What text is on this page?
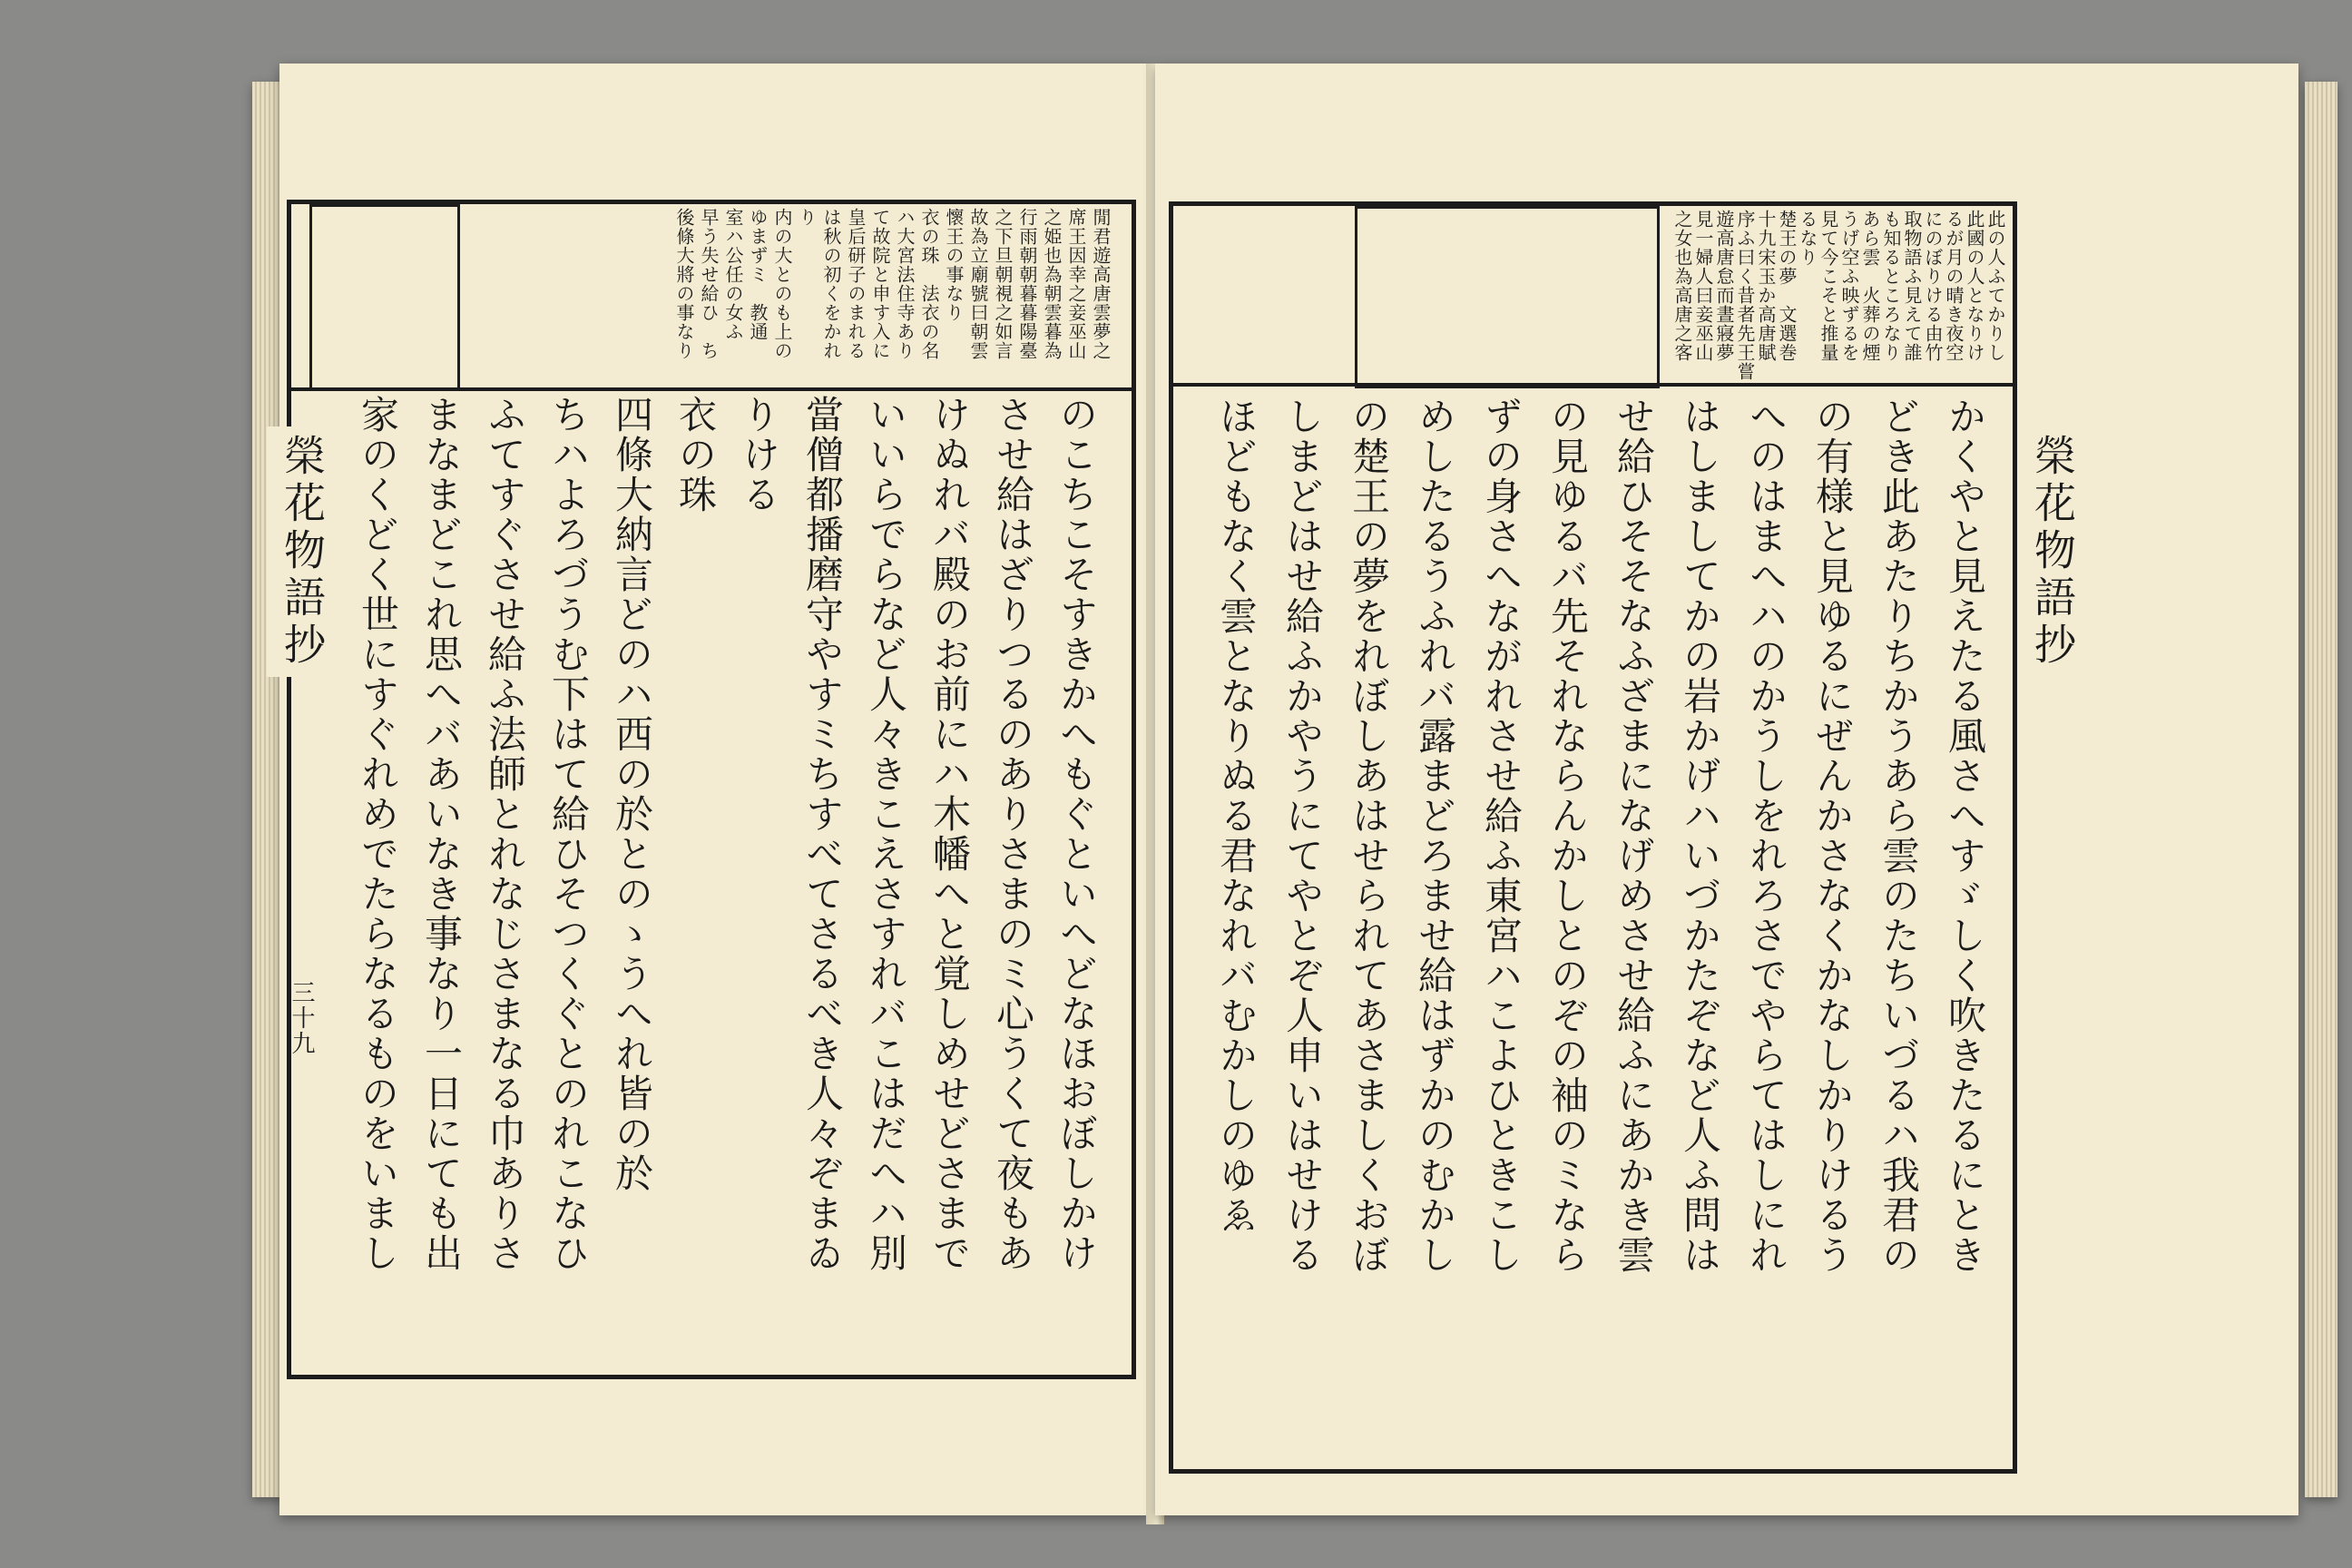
閒君遊高唐雲夢之
席王因幸之妾巫山
之姫也為朝雲暮為
行雨朝朝暮暮陽臺
之下旦朝視之如言
故為立廟號曰朝雲
懷王の事なり
衣の珠　法衣の名
ハ大宮法住寺あり
て故院と申す入に
皇后研子のまれる
は秋の初くをかれ
り
内の大とのも上の
ゆまずミ　教通
室ハ公任の女ふ
早う失せ給ひ　ち
後條大將の事なり
のこちこそすきかへもぐといへどなほおぼしかけ
させ給はざりつるのありさまのミ心うくて夜もあ
けぬれバ殿のお前にハ木幡へと覚しめせどさまで
いいらでらなど人々きこえさすれバこはだへハ別
當僧都播磨守やすミちすべてさるべき人々ぞまゐ
りける
衣の珠
四條大納言どのハ西の於とのゝうへれ皆の於
ちハよろづうむ下はて給ひそつくぐとのれこなひ
ふてすぐさせ給ふ法師とれなじさまなる巾ありさ
まなまどこれ思へバあいなき事なり一日にても出
家のくどく世にすぐれめでたらなるものをいまし
榮花物語抄
三十九
此の人ふてかりし
此國の人となりけ
るが月の晴き夜空
にのぼりける由竹
取物語ふ見えて誰
も知るところなり
あら雲　火葬の煙
うげ空ふ映ずるを
見て今こそと推量
るなり
楚王の夢　文選巻
十九宋玉か高唐賦
序ふ曰く昔者先王嘗
遊高唐怠而晝寢夢
見一婦人曰妾巫山
之女也為高唐之客
かくやと見えたる風さへすゞしく吹きたるにとき
どき此あたりちかうあら雲のたちいづるハ我君の
の有様と見ゆるにぜんかさなくかなしかりけるう
へのはまへハのかうしをれろさでやらてはしにれ
はしましてかの岩かげハいづかたぞなど人ふ問は
せ給ひそそなふざまになげめさせ給ふにあかき雲
の見ゆるバ先それならんかしとのぞの袖のミなら
ずの身さへながれさせ給ふ東宮ハこよひときこし
めしたるうふれバ露まどろませ給はずかのむかし
の楚王の夢をれぼしあはせられてあさましくおぼ
しまどはせ給ふかやうにてやとぞ人申いはせける
ほどもなく雲となりぬる君なれバむかしのゆゑ	榮花物語抄
